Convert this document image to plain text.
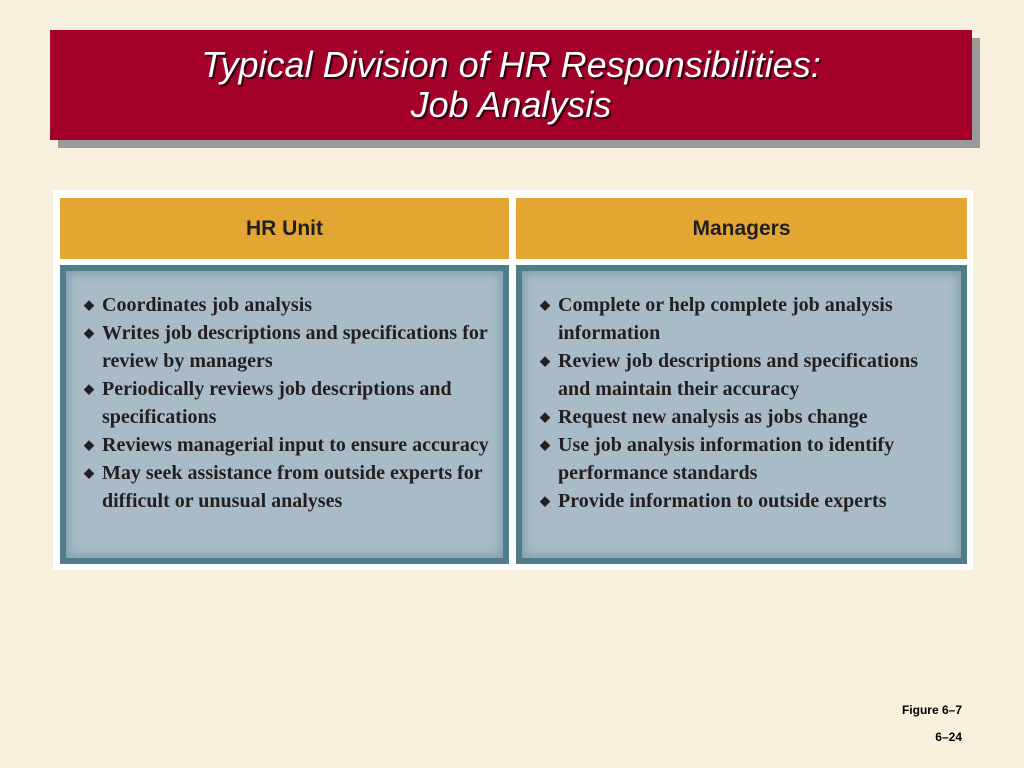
Typical Division of HR Responsibilities:
Job Analysis
HR Unit	Managers
◆ Coordinates job analysis
◆ Writes job descriptions and specifications for review by managers
◆ Periodically reviews job descriptions and specifications
◆ Reviews managerial input to ensure accuracy
◆ May seek assistance from outside experts for difficult or unusual analyses
◆ Complete or help complete job analysis information
◆ Review job descriptions and specifications and maintain their accuracy
◆ Request new analysis as jobs change
◆ Use job analysis information to identify performance standards
◆ Provide information to outside experts
Figure 6–7
6–24
